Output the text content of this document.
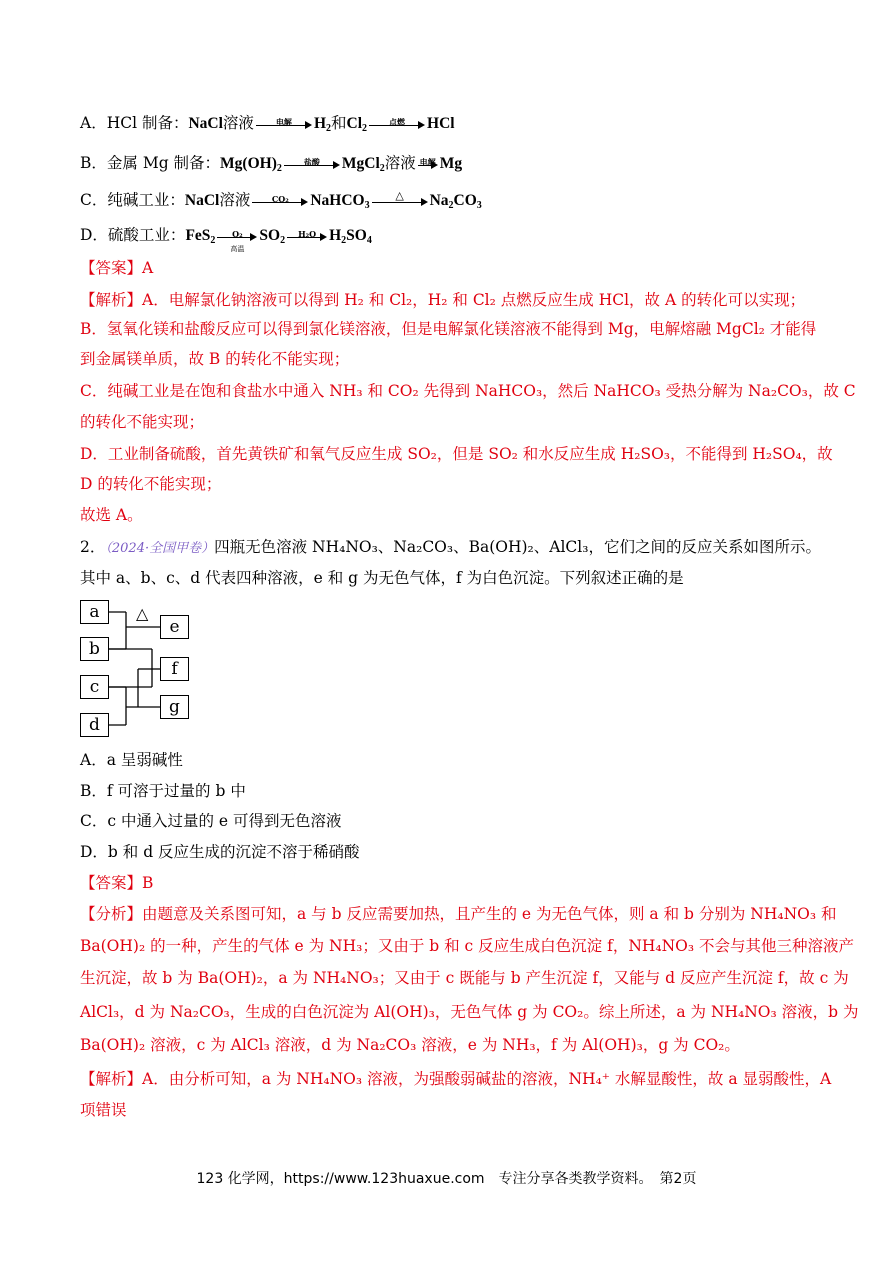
A．HCl 制备：NaCl溶液	电解	$H_2$和$Cl_2$
点燃	HCl
B．金属 Mg 制备：$Mg(OH)_2$
盐酸	MgCl$_2$溶液 电解 Mg
C．纯碱工业：NaCl溶液	CO₂	NaHCO$_3$
△	$Na_2CO_3$
D．硫酸工业：FeS$_2$
O₂
高温
$SO_2$
H₂O $H_2SO_4$
【答案】A
【解析】A．电解氯化钠溶液可以得到 H₂ 和 Cl₂，H₂ 和 Cl₂ 点燃反应生成 HCl，故 A 的转化可以实现；
B．氢氧化镁和盐酸反应可以得到氯化镁溶液，但是电解氯化镁溶液不能得到 Mg，电解熔融 MgCl₂ 才能得
到金属镁单质，故 B 的转化不能实现；
C．纯碱工业是在饱和食盐水中通入 NH₃ 和 CO₂ 先得到 NaHCO₃，然后 NaHCO₃ 受热分解为 Na₂CO₃，故 C
的转化不能实现；
D．工业制备硫酸，首先黄铁矿和氧气反应生成 SO₂，但是 SO₂ 和水反应生成 H₂SO₃，不能得到 H₂SO₄，故
D 的转化不能实现；
故选 A。
2．（2024·全国甲卷）四瓶无色溶液 NH₄NO₃、Na₂CO₃、Ba(OH)₂、AlCl₃，它们之间的反应关系如图所示。
其中 a、b、c、d 代表四种溶液，e 和 g 为无色气体，f 为白色沉淀。下列叙述正确的是
a
b
c
d
e
f
g
△
A．a 呈弱碱性
B．f 可溶于过量的 b 中
C．c 中通入过量的 e 可得到无色溶液
D．b 和 d 反应生成的沉淀不溶于稀硝酸
【答案】B
【分析】由题意及关系图可知，a 与 b 反应需要加热，且产生的 e 为无色气体，则 a 和 b 分别为 NH₄NO₃ 和
Ba(OH)₂ 的一种，产生的气体 e 为 NH₃；又由于 b 和 c 反应生成白色沉淀 f，NH₄NO₃ 不会与其他三种溶液产
生沉淀，故 b 为 Ba(OH)₂，a 为 NH₄NO₃；又由于 c 既能与 b 产生沉淀 f，又能与 d 反应产生沉淀 f，故 c 为
AlCl₃，d 为 Na₂CO₃，生成的白色沉淀为 Al(OH)₃，无色气体 g 为 CO₂。综上所述，a 为 NH₄NO₃ 溶液，b 为
Ba(OH)₂ 溶液，c 为 AlCl₃ 溶液，d 为 Na₂CO₃ 溶液，e 为 NH₃，f 为 Al(OH)₃，g 为 CO₂。
【解析】A．由分析可知，a 为 NH₄NO₃ 溶液，为强酸弱碱盐的溶液，NH₄⁺ 水解显酸性，故 a 显弱酸性，A
项错误
123 化学网，https://www.123huaxue.com　专注分享各类教学资料。　第2页
